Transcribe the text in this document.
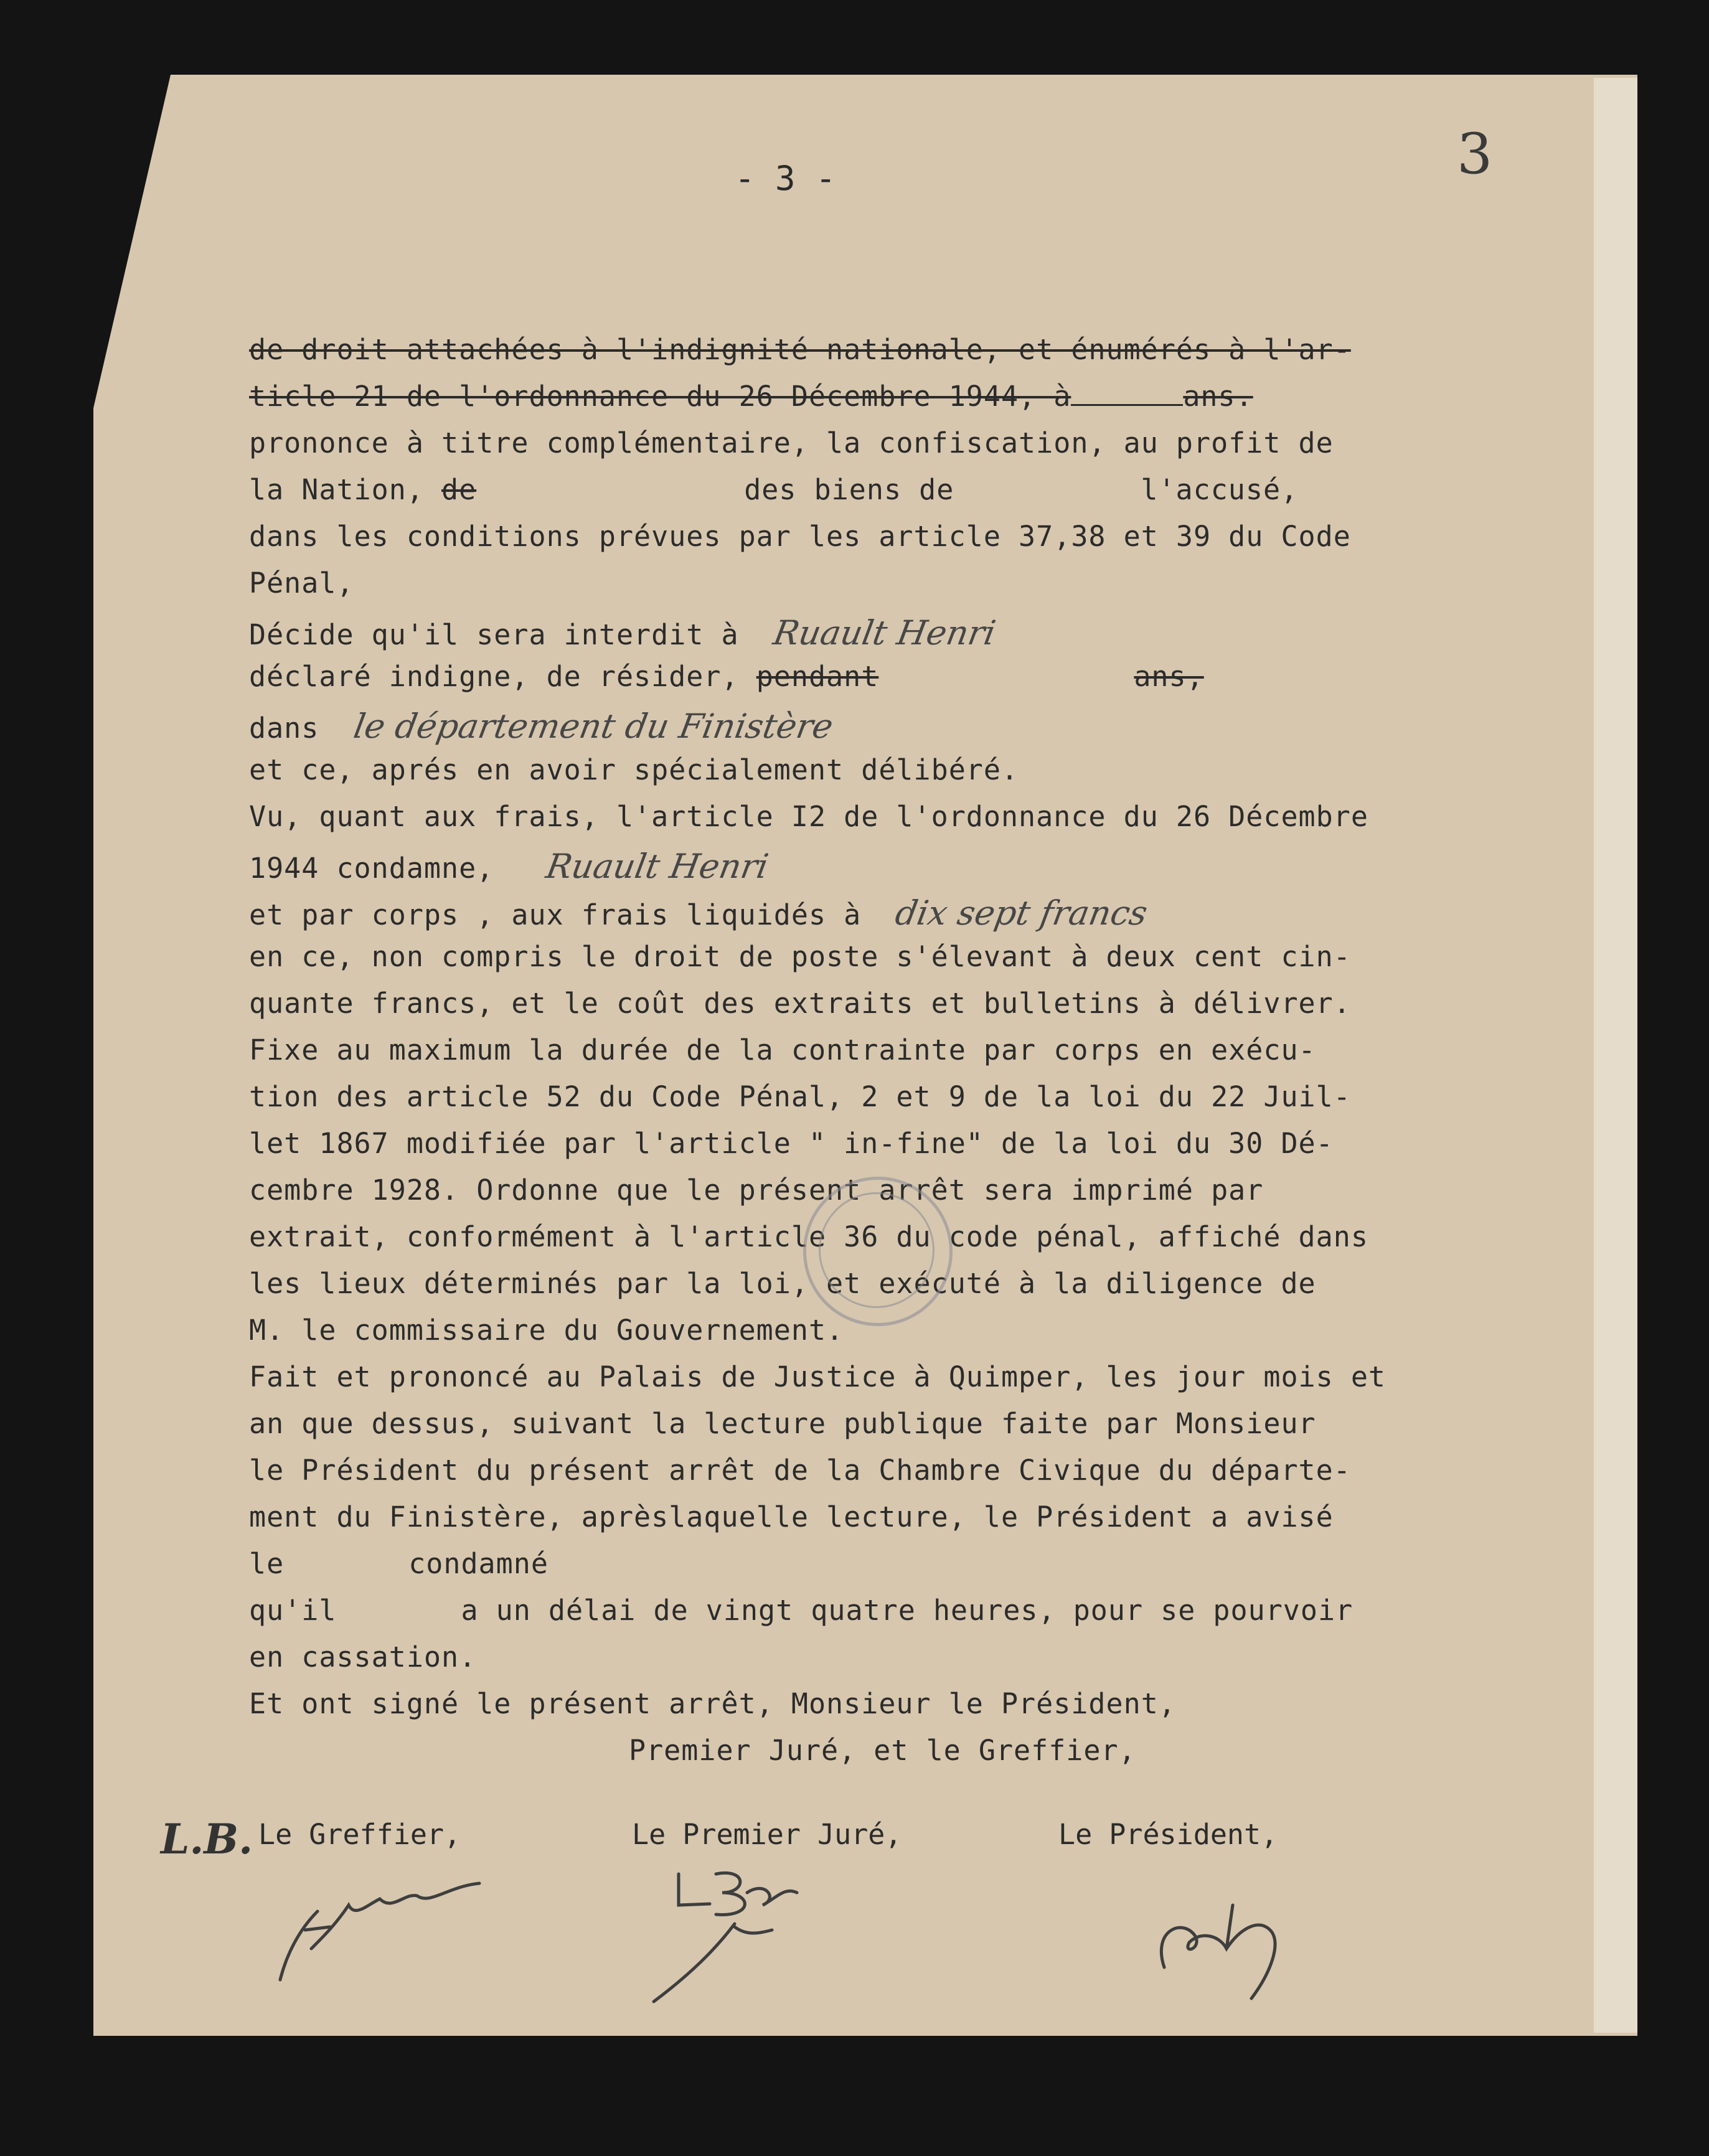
- 3 -	3
de droit attachées à l'indignité nationale, et énumérés à l'ar-
ticle 21 de l'ordonnance du 26 Décembre 1944, à	ans.
prononce à titre complémentaire, la confiscation, au profit de
la Nation, de	des biens de	l'accusé,
dans les conditions prévues par les article 37,38 et 39 du Code
Pénal,
Décide qu'il sera interdit à Ruault Henri
déclaré indigne, de résider, pendant	ans,
dans le département du Finistère
et ce, aprés en avoir spécialement délibéré.
Vu, quant aux frais, l'article I2 de l'ordonnance du 26 Décembre
1944 condamne, Ruault Henri
et par corps , aux frais liquidés à dix sept francs
en ce, non compris le droit de poste s'élevant à deux cent cin-
quante francs, et le coût des extraits et bulletins à délivrer.
Fixe au maximum la durée de la contrainte par corps en exécu-
tion des article 52 du Code Pénal, 2 et 9 de la loi du 22 Juil-
let 1867 modifiée par l'article " in-fine" de la loi du 30 Dé-
cembre 1928. Ordonne que le présent arrêt sera imprimé par
extrait, conformément à l'article 36 du code pénal, affiché dans
les lieux déterminés par la loi, et exécuté à la diligence de
M. le commissaire du Gouvernement.
Fait et prononcé au Palais de Justice à Quimper, les jour mois et
an que dessus, suivant la lecture publique faite par Monsieur
le Président du présent arrêt de la Chambre Civique du départe-
ment du Finistère, aprèslaquelle lecture, le Président a avisé
le	condamné
qu'il	a un délai de vingt quatre heures, pour se pourvoir
en cassation.
Et ont signé le présent arrêt, Monsieur le Président,
Premier Juré, et le Greffier,
L.B. Le Greffier,	Le Premier Juré,	Le Président,
